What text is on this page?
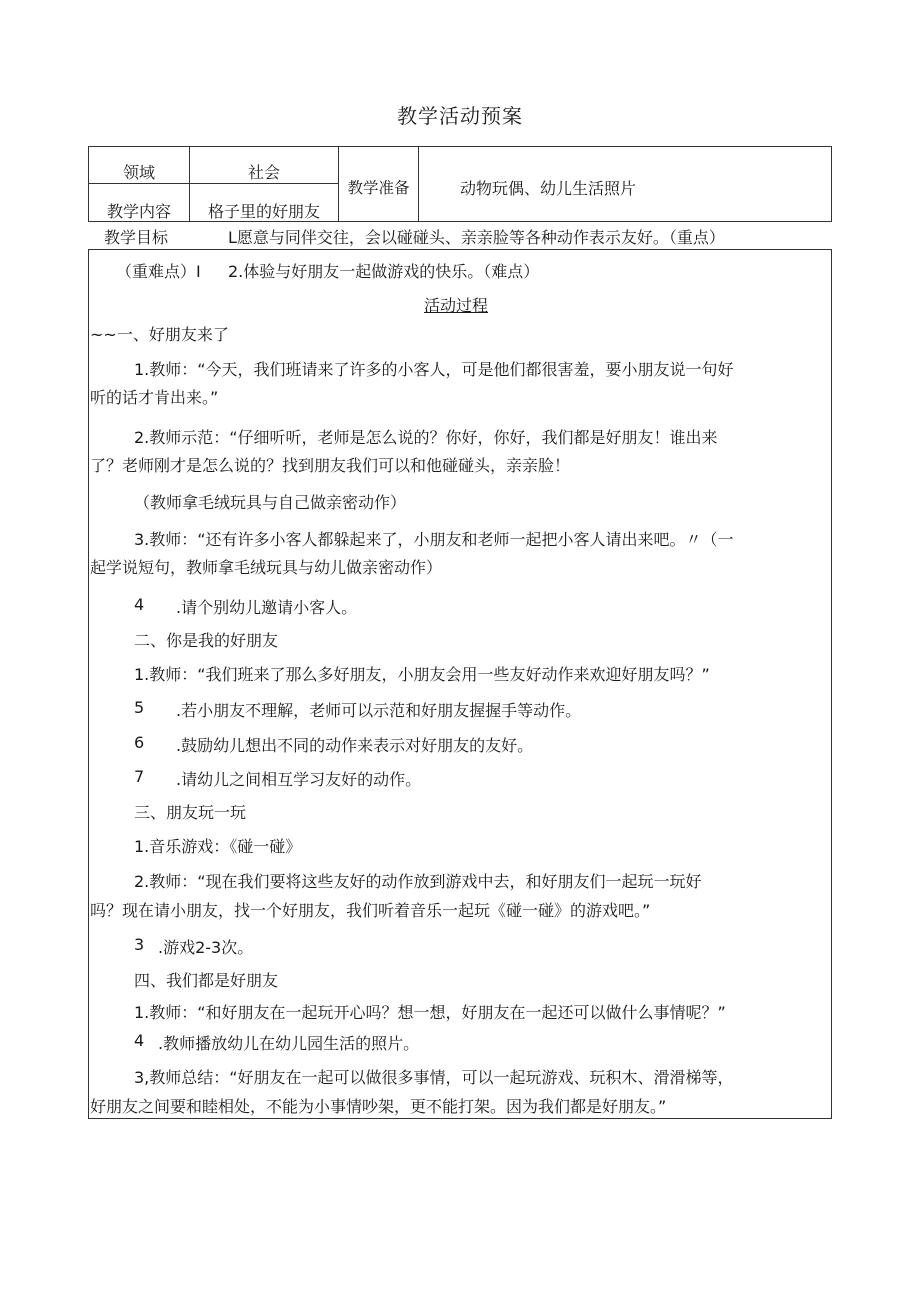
教学活动预案
领域	社会
教学内容	格子里的好朋友
教学准备	动物玩偶、幼儿生活照片
教学目标	L愿意与同伴交往，会以碰碰头、亲亲脸等各种动作表示友好。（重点）
（重难点）I 2.体验与好朋友一起做游戏的快乐。（难点）
活动过程
~~一、好朋友来了
1.教师：“今天，我们班请来了许多的小客人，可是他们都很害羞，要小朋友说一句好
听的话才肯出来。”
2.教师示范：“仔细听听，老师是怎么说的？你好，你好，我们都是好朋友！谁出来
了？老师刚才是怎么说的？找到朋友我们可以和他碰碰头，亲亲脸！
（教师拿毛绒玩具与自己做亲密动作）
3.教师：“还有许多小客人都躲起来了，小朋友和老师一起把小客人请出来吧。〃（一
起学说短句，教师拿毛绒玩具与幼儿做亲密动作）
4 .请个别幼儿邀请小客人。
二、你是我的好朋友
1.教师：“我们班来了那么多好朋友，小朋友会用一些友好动作来欢迎好朋友吗？”
5 .若小朋友不理解，老师可以示范和好朋友握握手等动作。
6 .鼓励幼儿想出不同的动作来表示对好朋友的友好。
7 .请幼儿之间相互学习友好的动作。
三、朋友玩一玩
1.音乐游戏：《碰一碰》
2.教师：“现在我们要将这些友好的动作放到游戏中去，和好朋友们一起玩一玩好
吗？现在请小朋友，找一个好朋友，我们听着音乐一起玩《碰一碰》的游戏吧。”
3 .游戏2-3次。
四、我们都是好朋友
1.教师：“和好朋友在一起玩开心吗？想一想，好朋友在一起还可以做什么事情呢？”
4 .教师播放幼儿在幼儿园生活的照片。
3,教师总结：“好朋友在一起可以做很多事情，可以一起玩游戏、玩积木、滑滑梯等，
好朋友之间要和睦相处，不能为小事情吵架，更不能打架。因为我们都是好朋友。”
